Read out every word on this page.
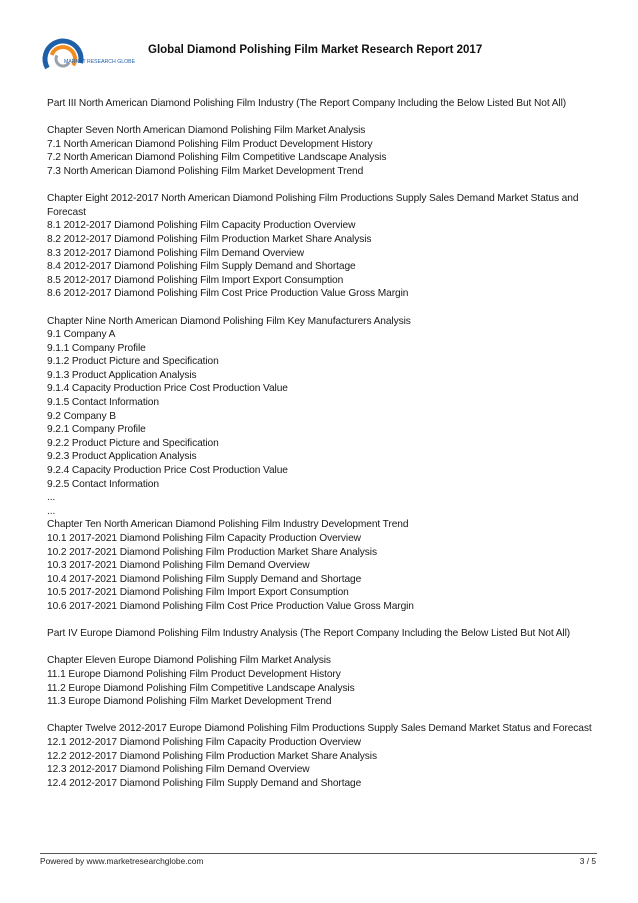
MARKET RESEARCH GLOBE
Global Diamond Polishing Film Market Research Report 2017
Part III North American Diamond Polishing Film Industry (The Report Company Including the Below Listed But Not All)
Chapter Seven North American Diamond Polishing Film Market Analysis
7.1 North American Diamond Polishing Film Product Development History
7.2 North American Diamond Polishing Film Competitive Landscape Analysis
7.3 North American Diamond Polishing Film Market Development Trend
Chapter Eight 2012-2017 North American Diamond Polishing Film Productions Supply Sales Demand Market Status and Forecast
8.1 2012-2017 Diamond Polishing Film Capacity Production Overview
8.2 2012-2017 Diamond Polishing Film Production Market Share Analysis
8.3 2012-2017 Diamond Polishing Film Demand Overview
8.4 2012-2017 Diamond Polishing Film Supply Demand and Shortage
8.5 2012-2017 Diamond Polishing Film Import Export Consumption
8.6 2012-2017 Diamond Polishing Film Cost Price Production Value Gross Margin
Chapter Nine North American Diamond Polishing Film Key Manufacturers Analysis
9.1 Company A
9.1.1 Company Profile
9.1.2 Product Picture and Specification
9.1.3 Product Application Analysis
9.1.4 Capacity Production Price Cost Production Value
9.1.5 Contact Information
9.2 Company B
9.2.1 Company Profile
9.2.2 Product Picture and Specification
9.2.3 Product Application Analysis
9.2.4 Capacity Production Price Cost Production Value
9.2.5 Contact Information
...
...
Chapter Ten North American Diamond Polishing Film Industry Development Trend
10.1 2017-2021 Diamond Polishing Film Capacity Production Overview
10.2 2017-2021 Diamond Polishing Film Production Market Share Analysis
10.3 2017-2021 Diamond Polishing Film Demand Overview
10.4 2017-2021 Diamond Polishing Film Supply Demand and Shortage
10.5 2017-2021 Diamond Polishing Film Import Export Consumption
10.6 2017-2021 Diamond Polishing Film Cost Price Production Value Gross Margin
Part IV Europe Diamond Polishing Film Industry Analysis (The Report Company Including the Below Listed But Not All)
Chapter Eleven Europe Diamond Polishing Film Market Analysis
11.1 Europe Diamond Polishing Film Product Development History
11.2 Europe Diamond Polishing Film Competitive Landscape Analysis
11.3 Europe Diamond Polishing Film Market Development Trend
Chapter Twelve 2012-2017 Europe Diamond Polishing Film Productions Supply Sales Demand Market Status and Forecast
12.1 2012-2017 Diamond Polishing Film Capacity Production Overview
12.2 2012-2017 Diamond Polishing Film Production Market Share Analysis
12.3 2012-2017 Diamond Polishing Film Demand Overview
12.4 2012-2017 Diamond Polishing Film Supply Demand and Shortage
Powered by www.marketresearchglobe.com	3 / 5
